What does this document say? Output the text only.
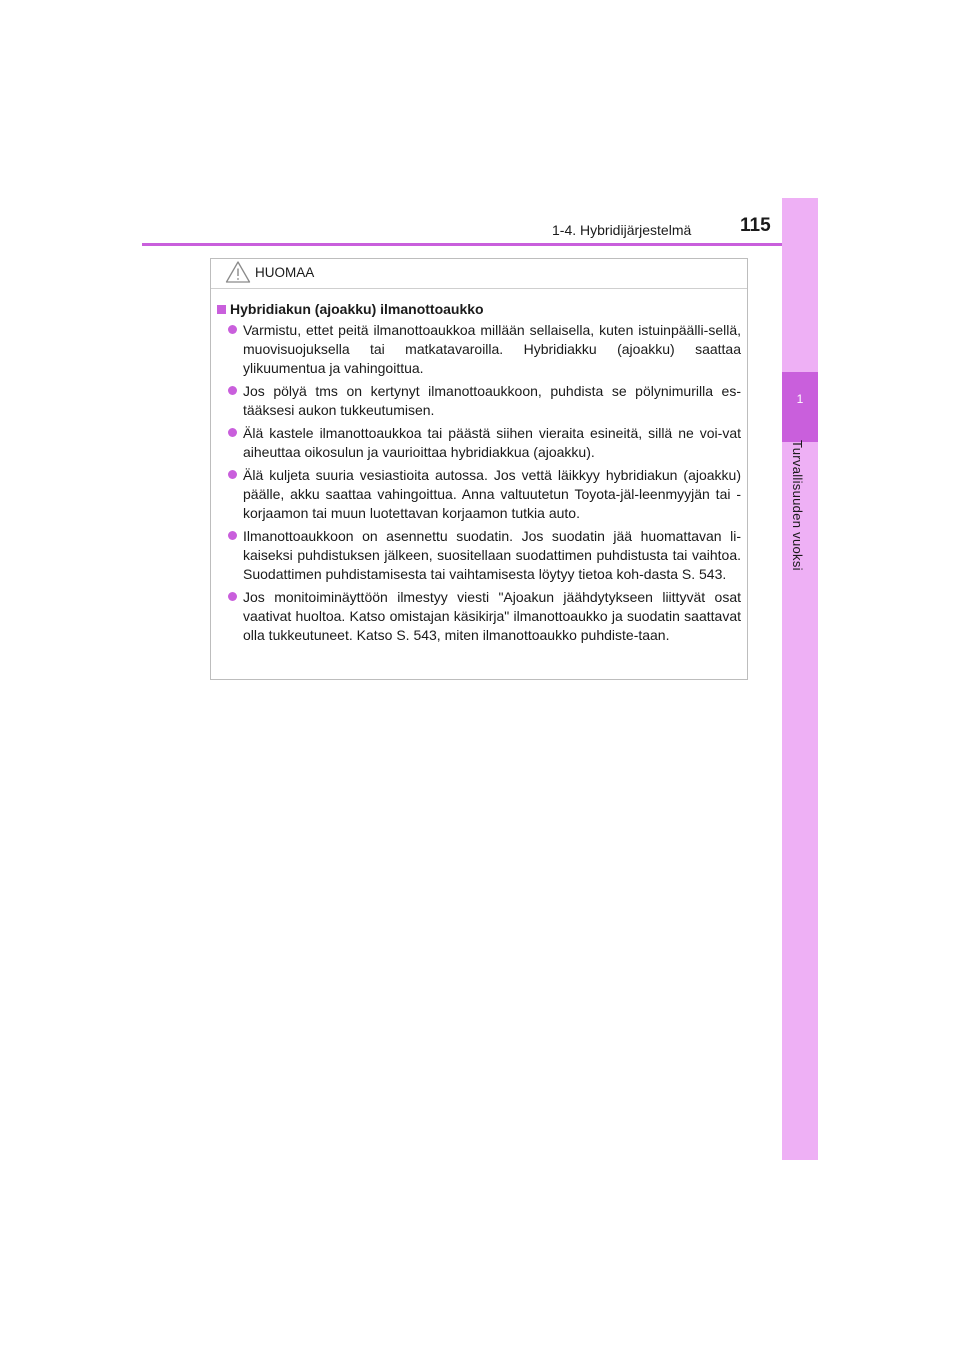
1-4. Hybridijärjestelmä	115
1
Turvallisuuden vuoksi
HUOMAA
Hybridiakun (ajoakku) ilmanottoaukko
Varmistu, ettet peitä ilmanottoaukkoa millään sellaisella, kuten istuinpäälli-sellä, muovisuojuksella tai matkatavaroilla. Hybridiakku (ajoakku) saattaa ylikuumentua ja vahingoittua.
Jos pölyä tms on kertynyt ilmanottoaukkoon, puhdista se pölynimurilla es-tääksesi aukon tukkeutumisen.
Älä kastele ilmanottoaukkoa tai päästä siihen vieraita esineitä, sillä ne voi-vat aiheuttaa oikosulun ja vaurioittaa hybridiakkua (ajoakku).
Älä kuljeta suuria vesiastioita autossa. Jos vettä läikkyy hybridiakun (ajoakku) päälle, akku saattaa vahingoittua. Anna valtuutetun Toyota-jäl-leenmyyjän tai -korjaamon tai muun luotettavan korjaamon tutkia auto.
Ilmanottoaukkoon on asennettu suodatin. Jos suodatin jää huomattavan li-kaiseksi puhdistuksen jälkeen, suositellaan suodattimen puhdistusta tai vaihtoa. Suodattimen puhdistamisesta tai vaihtamisesta löytyy tietoa koh-dasta S. 543.
Jos monitoiminäyttöön ilmestyy viesti "Ajoakun jäähdytykseen liittyvät osat vaativat huoltoa. Katso omistajan käsikirja" ilmanottoaukko ja suodatin saattavat olla tukkeutuneet. Katso S. 543, miten ilmanottoaukko puhdiste-taan.
